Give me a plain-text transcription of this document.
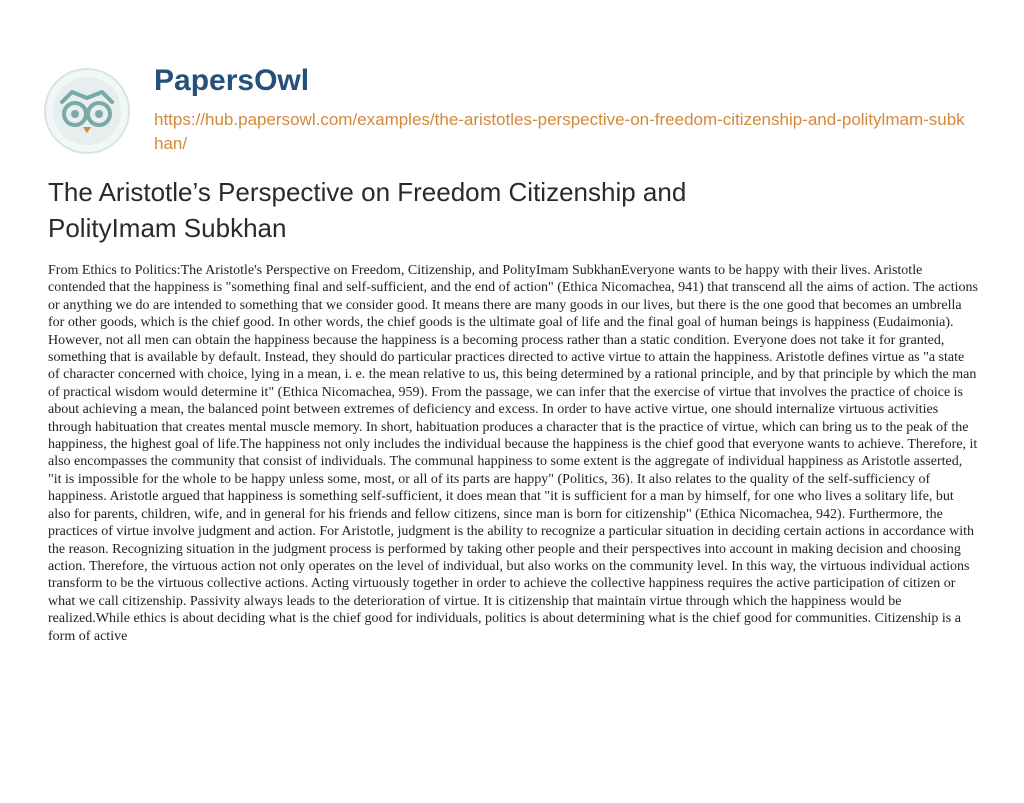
PapersOwl
https://hub.papersowl.com/examples/the-aristotles-perspective-on-freedom-citizenship-and-politylmam-subkhan/
The Aristotle’s Perspective on Freedom Citizenship and PolityImam Subkhan

From Ethics to Politics:The Aristotle's Perspective on Freedom, Citizenship, and PolityImam SubkhanEveryone wants to be happy with their lives. Aristotle contended that the happiness is "something final and self-sufficient, and the end of action" (Ethica Nicomachea, 941) that transcend all the aims of action. The actions or anything we do are intended to something that we consider good. It means there are many goods in our lives, but there is the one good that becomes an umbrella for other goods, which is the chief good. In other words, the chief goods is the ultimate goal of life and the final goal of human beings is happiness (Eudaimonia). However, not all men can obtain the happiness because the happiness is a becoming process rather than a static condition. Everyone does not take it for granted, something that is available by default. Instead, they should do particular practices directed to active virtue to attain the happiness. Aristotle defines virtue as "a state of character concerned with choice, lying in a mean, i. e. the mean relative to us, this being determined by a rational principle, and by that principle by which the man of practical wisdom would determine it" (Ethica Nicomachea, 959). From the passage, we can infer that the exercise of virtue that involves the practice of choice is about achieving a mean, the balanced point between extremes of deficiency and excess. In order to have active virtue, one should internalize virtuous activities through habituation that creates mental muscle memory. In short, habituation produces a character that is the practice of virtue, which can bring us to the peak of the happiness, the highest goal of life.The happiness not only includes the individual because the happiness is the chief good that everyone wants to achieve. Therefore, it also encompasses the community that consist of individuals. The communal happiness to some extent is the aggregate of individual happiness as Aristotle asserted, "it is impossible for the whole to be happy unless some, most, or all of its parts are happy" (Politics, 36). It also relates to the quality of the self-sufficiency of happiness. Aristotle argued that happiness is something self-sufficient, it does mean that "it is sufficient for a man by himself, for one who lives a solitary life, but also for parents, children, wife, and in general for his friends and fellow citizens, since man is born for citizenship" (Ethica Nicomachea, 942). Furthermore, the practices of virtue involve judgment and action. For Aristotle, judgment is the ability to recognize a particular situation in deciding certain actions in accordance with the reason. Recognizing situation in the judgment process is performed by taking other people and their perspectives into account in making decision and choosing action. Therefore, the virtuous action not only operates on the level of individual, but also works on the community level. In this way, the virtuous individual actions transform to be the virtuous collective actions. Acting virtuously together in order to achieve the collective happiness requires the active participation of citizen or what we call citizenship. Passivity always leads to the deterioration of virtue. It is citizenship that maintain virtue through which the happiness would be realized.While ethics is about deciding what is the chief good for individuals, politics is about determining what is the chief good for communities. Citizenship is a form of active
